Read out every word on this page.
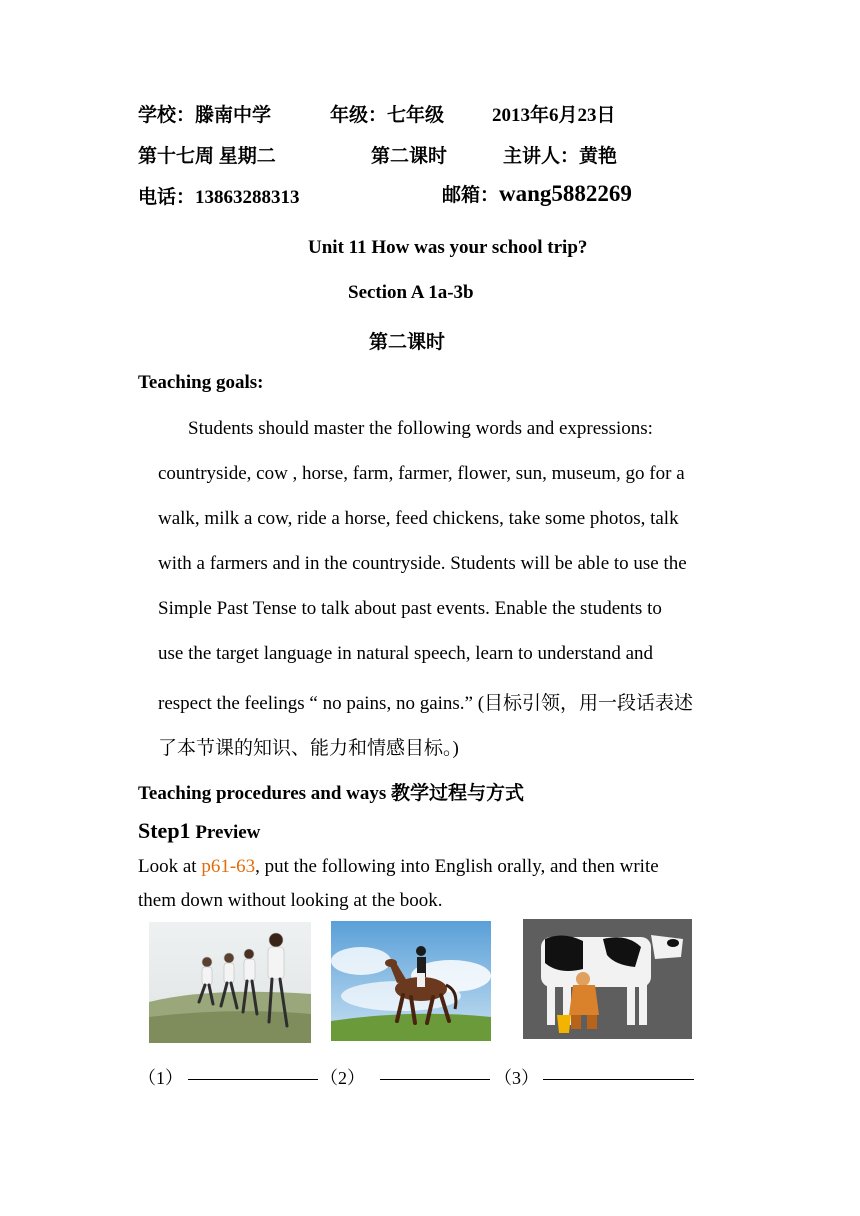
学校：滕南中学	年级：七年级	2013年6月23日
第十七周 星期二	第二课时	主讲人：黄艳
电话：13863288313	邮箱：wang5882269
Unit 11 How was your school trip?
Section A 1a-3b
第二课时
Teaching goals:
Students should master the following words and expressions:
countryside, cow , horse, farm, farmer, flower, sun, museum, go for a
walk, milk a cow, ride a horse, feed chickens, take some photos, talk
with a farmers and in the countryside. Students will be able to use the
Simple Past Tense to talk about past events. Enable the students to
use the target language in natural speech, learn to understand and
respect the feelings “ no pains, no gains.” (目标引领，用一段话表述
了本节课的知识、能力和情感目标。)
Teaching procedures and ways 教学过程与方式
Step1 Preview
Look at p61-63, put the following into English orally, and then write
them down without looking at the book.
（1）	（2）	（3）
